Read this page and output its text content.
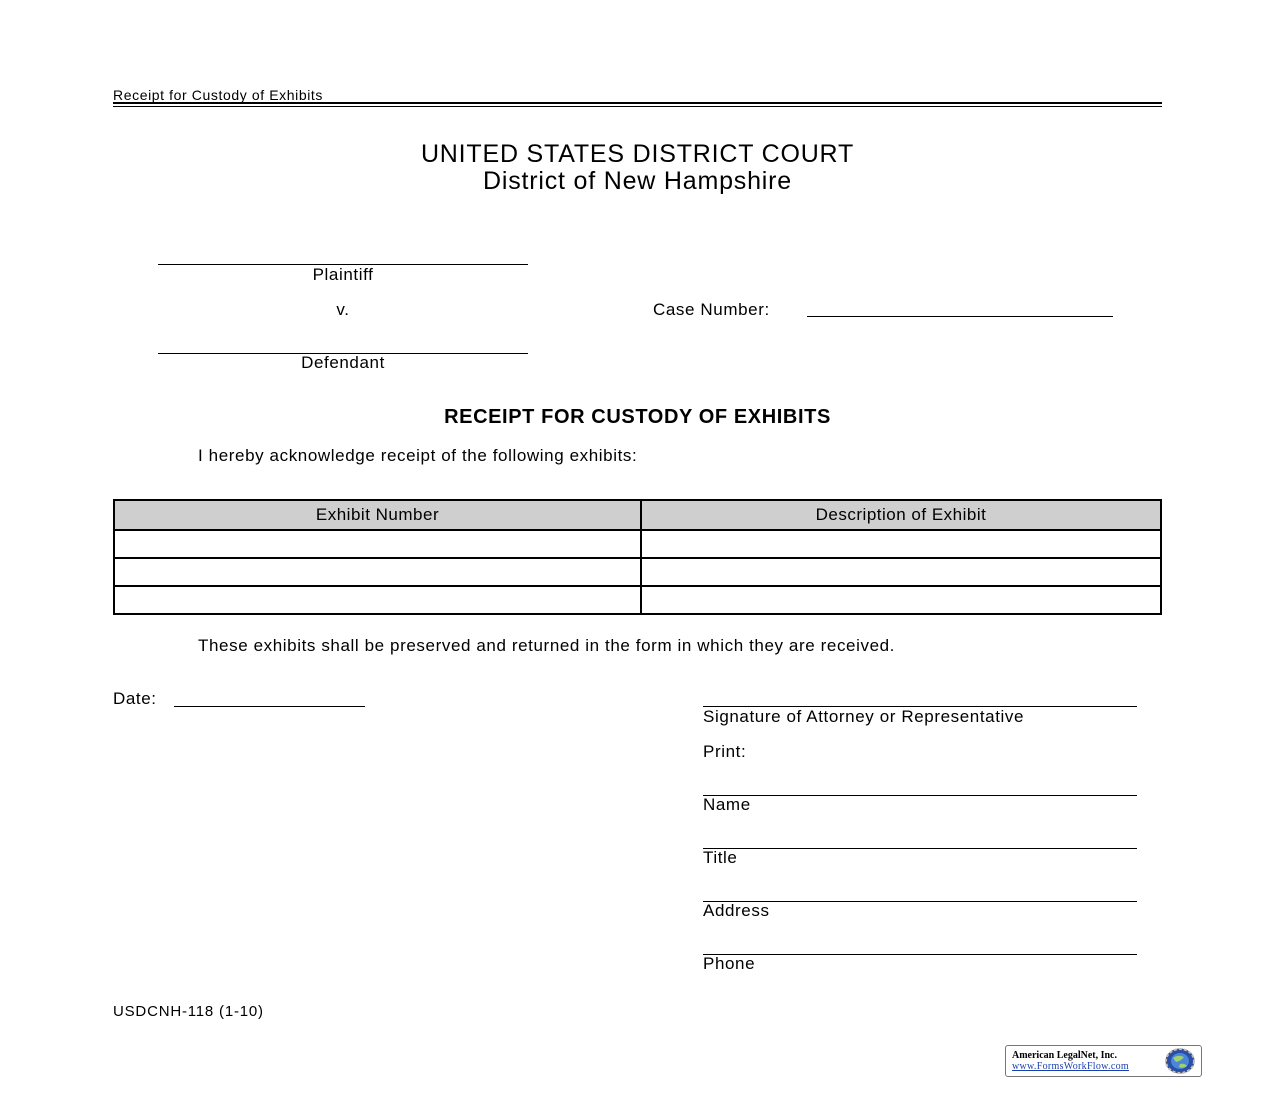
Receipt for Custody of Exhibits
UNITED STATES DISTRICT COURT
District of New Hampshire
Plaintiff
v.	Case Number:
Defendant
RECEIPT FOR CUSTODY OF EXHIBITS
I hereby acknowledge receipt of the following exhibits:
Exhibit Number	Description of Exhibit

These exhibits shall be preserved and returned in the form in which they are received.
Date:
Signature of Attorney or Representative
Print:
Name
Title
Address
Phone
USDCNH-118 (1-10)
American LegalNet, Inc.
www.FormsWorkFlow.com
